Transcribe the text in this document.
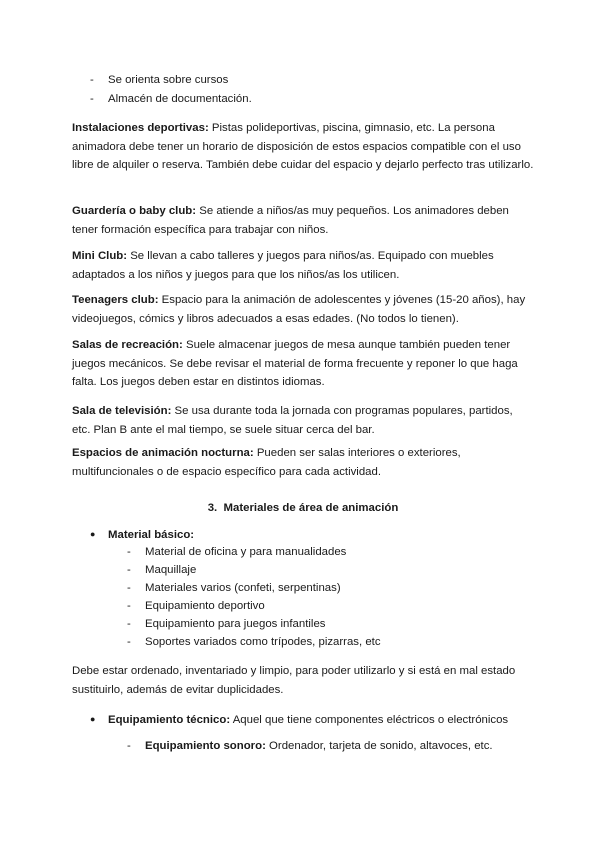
- Se orienta sobre cursos
- Almacén de documentación.

Instalaciones deportivas: Pistas polideportivas, piscina, gimnasio, etc. La persona animadora debe tener un horario de disposición de estos espacios compatible con el uso libre de alquiler o reserva. También debe cuidar del espacio y dejarlo perfecto tras utilizarlo.

Guardería o baby club: Se atiende a niños/as muy pequeños. Los animadores deben tener formación específica para trabajar con niños.

Mini Club: Se llevan a cabo talleres y juegos para niños/as. Equipado con muebles adaptados a los niños y juegos para que los niños/as los utilicen.

Teenagers club: Espacio para la animación de adolescentes y jóvenes (15-20 años), hay videojuegos, cómics y libros adecuados a esas edades. (No todos lo tienen).

Salas de recreación: Suele almacenar juegos de mesa aunque también pueden tener juegos mecánicos. Se debe revisar el material de forma frecuente y reponer lo que haga falta. Los juegos deben estar en distintos idiomas.

Sala de televisión: Se usa durante toda la jornada con programas populares, partidos, etc. Plan B ante el mal tiempo, se suele situar cerca del bar.

Espacios de animación nocturna: Pueden ser salas interiores o exteriores, multifuncionales o de espacio específico para cada actividad.

3. Materiales de área de animación
● Material básico:
- Material de oficina y para manualidades
- Maquillaje
- Materiales varios (confeti, serpentinas)
- Equipamiento deportivo
- Equipamiento para juegos infantiles
- Soportes variados como trípodes, pizarras, etc

Debe estar ordenado, inventariado y limpio, para poder utilizarlo y si está en mal estado sustituirlo, además de evitar duplicidades.

● Equipamiento técnico: Aquel que tiene componentes eléctricos o electrónicos
- Equipamiento sonoro: Ordenador, tarjeta de sonido, altavoces, etc.
